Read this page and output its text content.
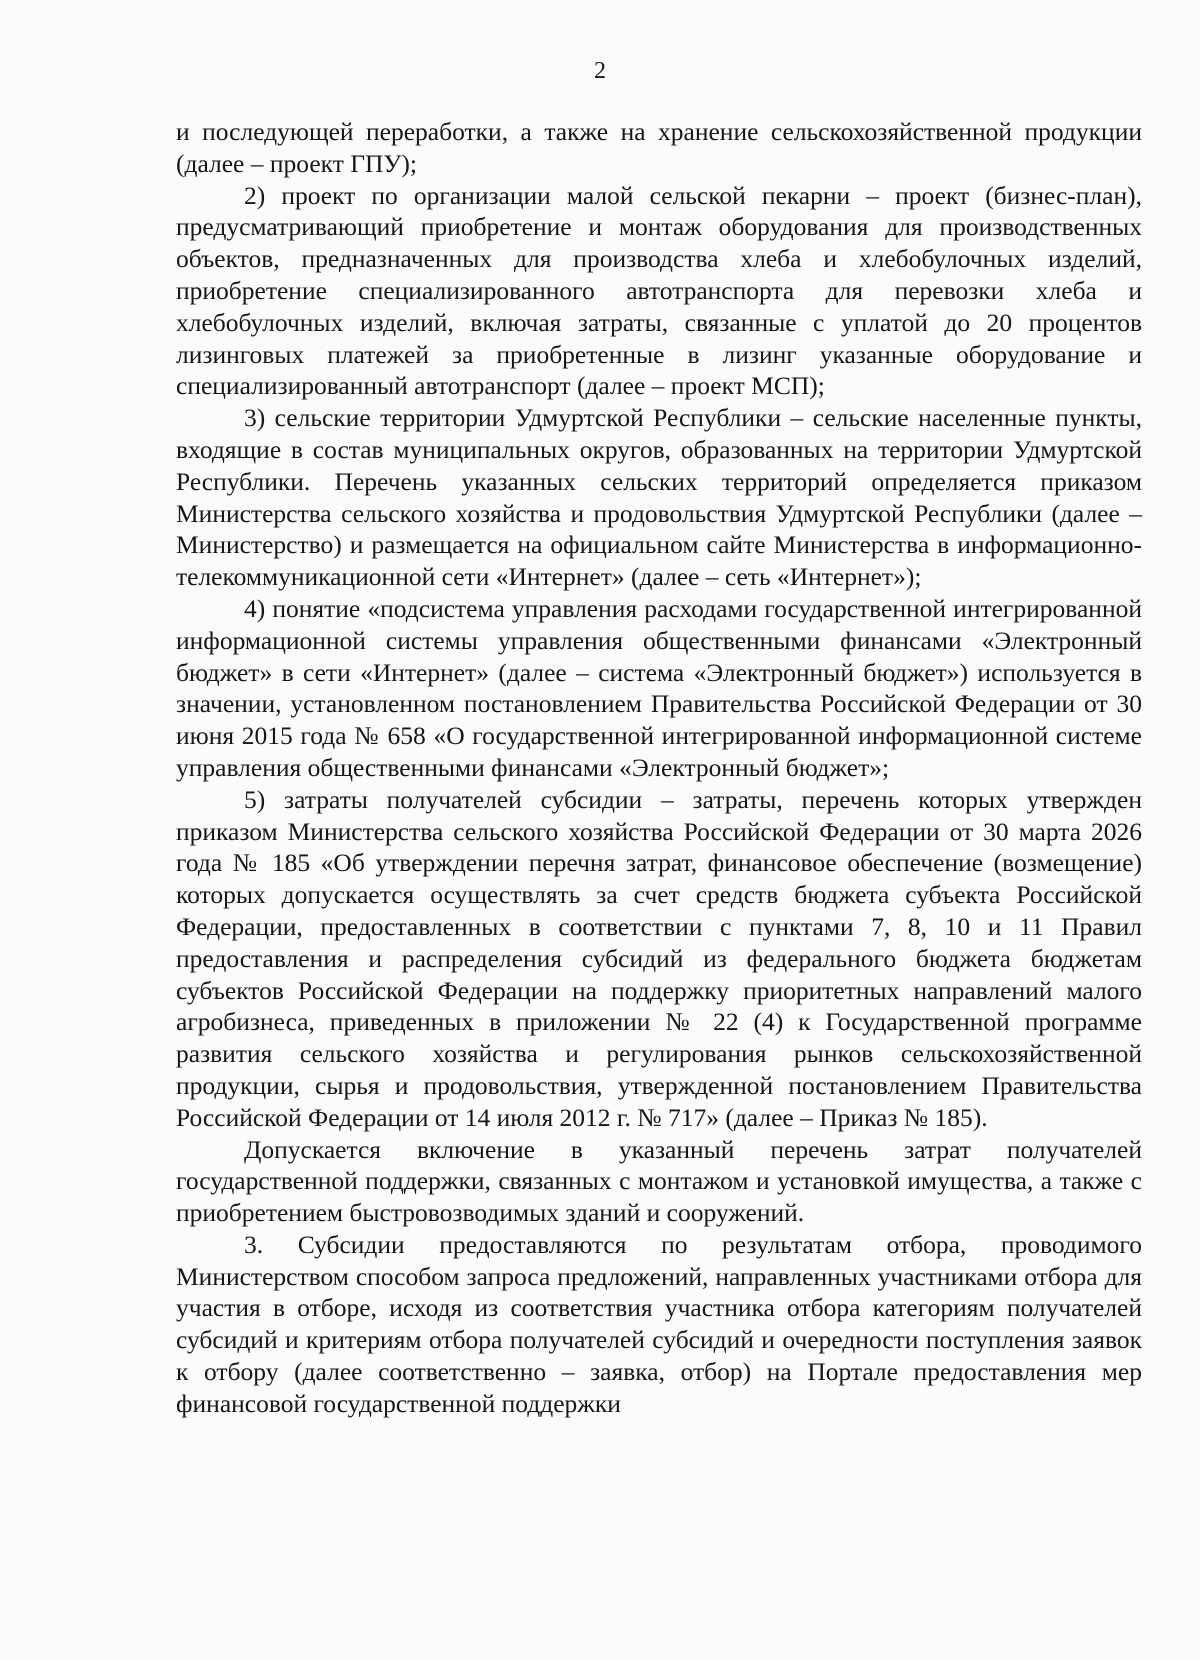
2

и последующей переработки, а также на хранение сельскохозяйственной продукции (далее – проект ГПУ);

2) проект по организации малой сельской пекарни – проект (бизнес-план), предусматривающий приобретение и монтаж оборудования для производственных объектов, предназначенных для производства хлеба и хлебобулочных изделий, приобретение специализированного автотранспорта для перевозки хлеба и хлебобулочных изделий, включая затраты, связанные с уплатой до 20 процентов лизинговых платежей за приобретенные в лизинг указанные оборудование и специализированный автотранспорт (далее – проект МСП);

3) сельские территории Удмуртской Республики – сельские населенные пункты, входящие в состав муниципальных округов, образованных на территории Удмуртской Республики. Перечень указанных сельских территорий определяется приказом Министерства сельского хозяйства и продовольствия Удмуртской Республики (далее – Министерство) и размещается на официальном сайте Министерства в информационно-телекоммуникационной сети «Интернет» (далее – сеть «Интернет»);

4) понятие «подсистема управления расходами государственной интегрированной информационной системы управления общественными финансами «Электронный бюджет» в сети «Интернет» (далее – система «Электронный бюджет») используется в значении, установленном постановлением Правительства Российской Федерации от 30 июня 2015 года № 658 «О государственной интегрированной информационной системе управления общественными финансами «Электронный бюджет»;

5) затраты получателей субсидии – затраты, перечень которых утвержден приказом Министерства сельского хозяйства Российской Федерации от 30 марта 2026 года № 185 «Об утверждении перечня затрат, финансовое обеспечение (возмещение) которых допускается осуществлять за счет средств бюджета субъекта Российской Федерации, предоставленных в соответствии с пунктами 7, 8, 10 и 11 Правил предоставления и распределения субсидий из федерального бюджета бюджетам субъектов Российской Федерации на поддержку приоритетных направлений малого агробизнеса, приведенных в приложении № 22 (4) к Государственной программе развития сельского хозяйства и регулирования рынков сельскохозяйственной продукции, сырья и продовольствия, утвержденной постановлением Правительства Российской Федерации от 14 июля 2012 г. № 717» (далее – Приказ № 185).

Допускается включение в указанный перечень затрат получателей государственной поддержки, связанных с монтажом и установкой имущества, а также с приобретением быстровозводимых зданий и сооружений.

3. Субсидии предоставляются по результатам отбора, проводимого Министерством способом запроса предложений, направленных участниками отбора для участия в отборе, исходя из соответствия участника отбора категориям получателей субсидий и критериям отбора получателей субсидий и очередности поступления заявок к отбору (далее соответственно – заявка, отбор) на Портале предоставления мер финансовой государственной поддержки
